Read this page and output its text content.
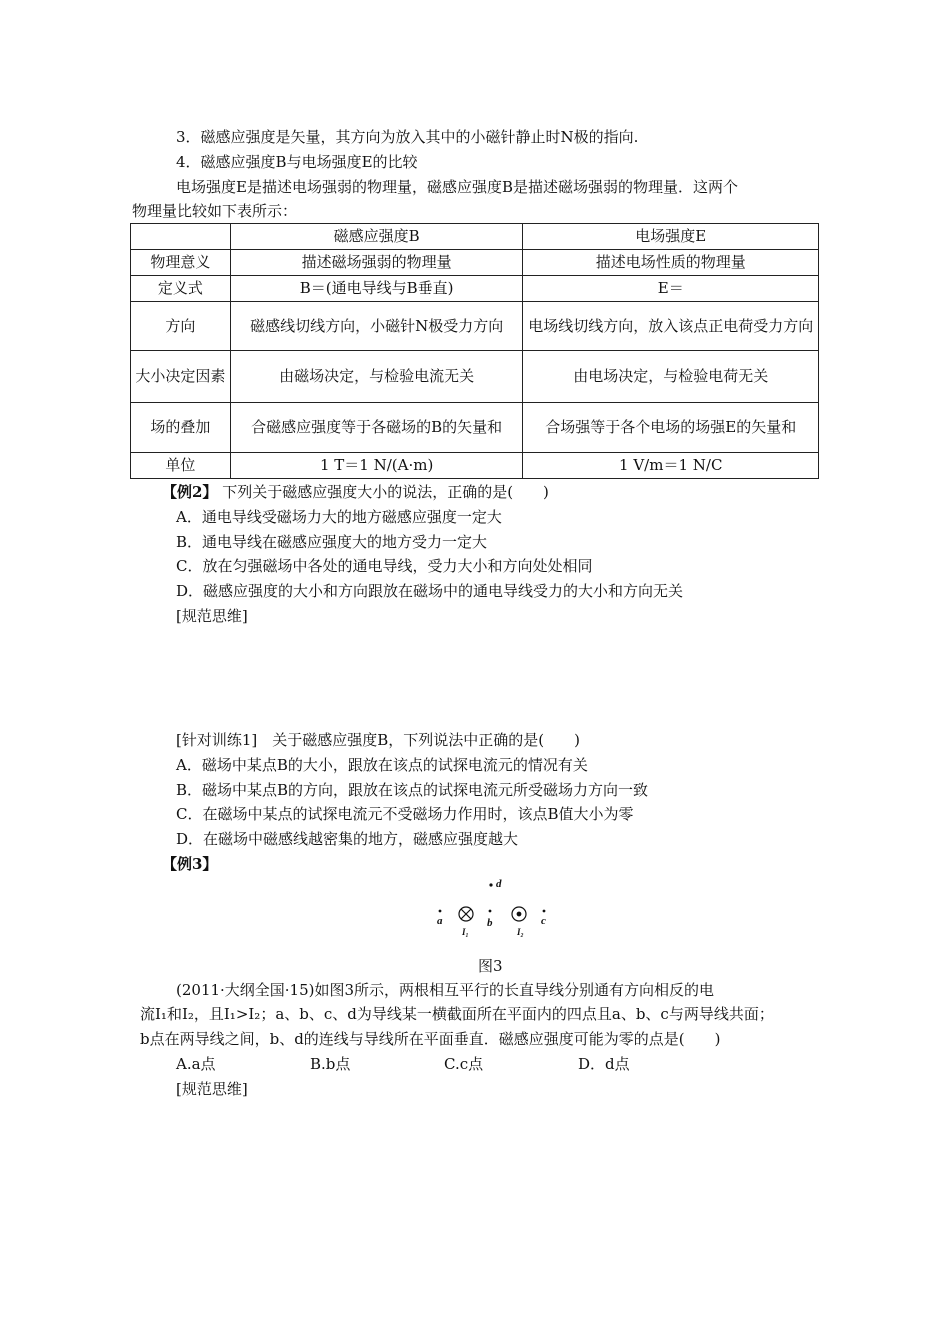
3．磁感应强度是矢量，其方向为放入其中的小磁针静止时N极的指向.
4．磁感应强度B与电场强度E的比较
电场强度E是描述电场强弱的物理量，磁感应强度B是描述磁场强弱的物理量．这两个
物理量比较如下表所示：
	磁感应强度B	电场强度E
物理意义	描述磁场强弱的物理量	描述电场性质的物理量
定义式	B＝(通电导线与B垂直)	E＝
方向	磁感线切线方向，小磁针N极受力方向	电场线切线方向，放入该点正电荷受力方向
大小决定因素	由磁场决定，与检验电流无关	由电场决定，与检验电荷无关
场的叠加	合磁感应强度等于各磁场的B的矢量和	合场强等于各个电场的场强E的矢量和
单位	1 T＝1 N/(A·m)	1 V/m＝1 N/C
【例2】 下列关于磁感应强度大小的说法，正确的是(　　)
A．通电导线受磁场力大的地方磁感应强度一定大
B．通电导线在磁感应强度大的地方受力一定大
C．放在匀强磁场中各处的通电导线，受力大小和方向处处相同
D．磁感应强度的大小和方向跟放在磁场中的通电导线受力的大小和方向无关
[规范思维]
[针对训练1]　关于磁感应强度B，下列说法中正确的是(　　)
A．磁场中某点B的大小，跟放在该点的试探电流元的情况有关
B．磁场中某点B的方向，跟放在该点的试探电流元所受磁场力方向一致
C．在磁场中某点的试探电流元不受磁场力作用时，该点B值大小为零
D．在磁场中磁感线越密集的地方，磁感应强度越大
【例3】
d
a	b	c
I₁	I₂
图3
(2011·大纲全国·15)如图3所示，两根相互平行的长直导线分别通有方向相反的电
流I₁和I₂，且I₁>I₂；a、b、c、d为导线某一横截面所在平面内的四点且a、b、c与两导线共面；
b点在两导线之间，b、d的连线与导线所在平面垂直．磁感应强度可能为零的点是(　　)
A.a点	B.b点	C.c点	D．d点
[规范思维]
